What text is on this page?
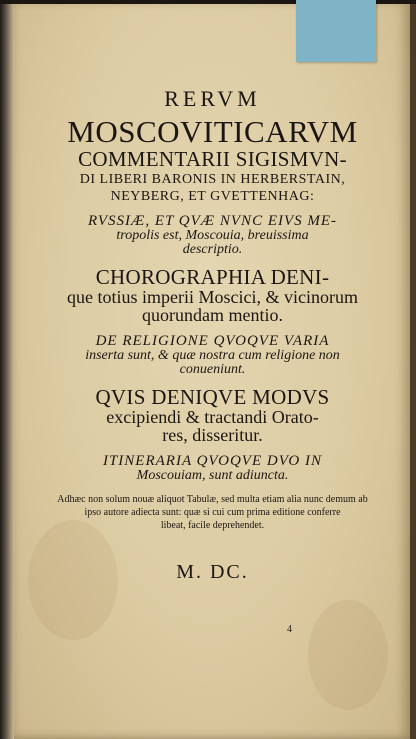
RERVM
MOSCOVITICARVM
COMMENTARII SIGISMVN-
DI LIBERI BARONIS IN HERBERSTAIN,
NEYBERG, ET GVETTENHAG:
RVSSIÆ, ET QVÆ NVNC EIVS ME-
tropolis est, Moscouia, breuissima
descriptio.
CHOROGRAPHIA DENI-
que totius imperii Moscici, & vicinorum
quorundam mentio.
DE RELIGIONE QVOQVE VARIA
inserta sunt, & quæ nostra cum religione non
conueniunt.
QVIS DENIQVE MODVS
excipiendi & tractandi Orato-
res, disseritur.
ITINERARIA QVOQVE DVO IN
Moscouiam, sunt adiuncta.
Adhæc non solum nouæ aliquot Tabulæ, sed multa etiam alia nunc demum ab
ipso autore adiecta sunt: quæ si cui cum prima editione conferre
libeat, facile deprehendet.
M. DC.
4
